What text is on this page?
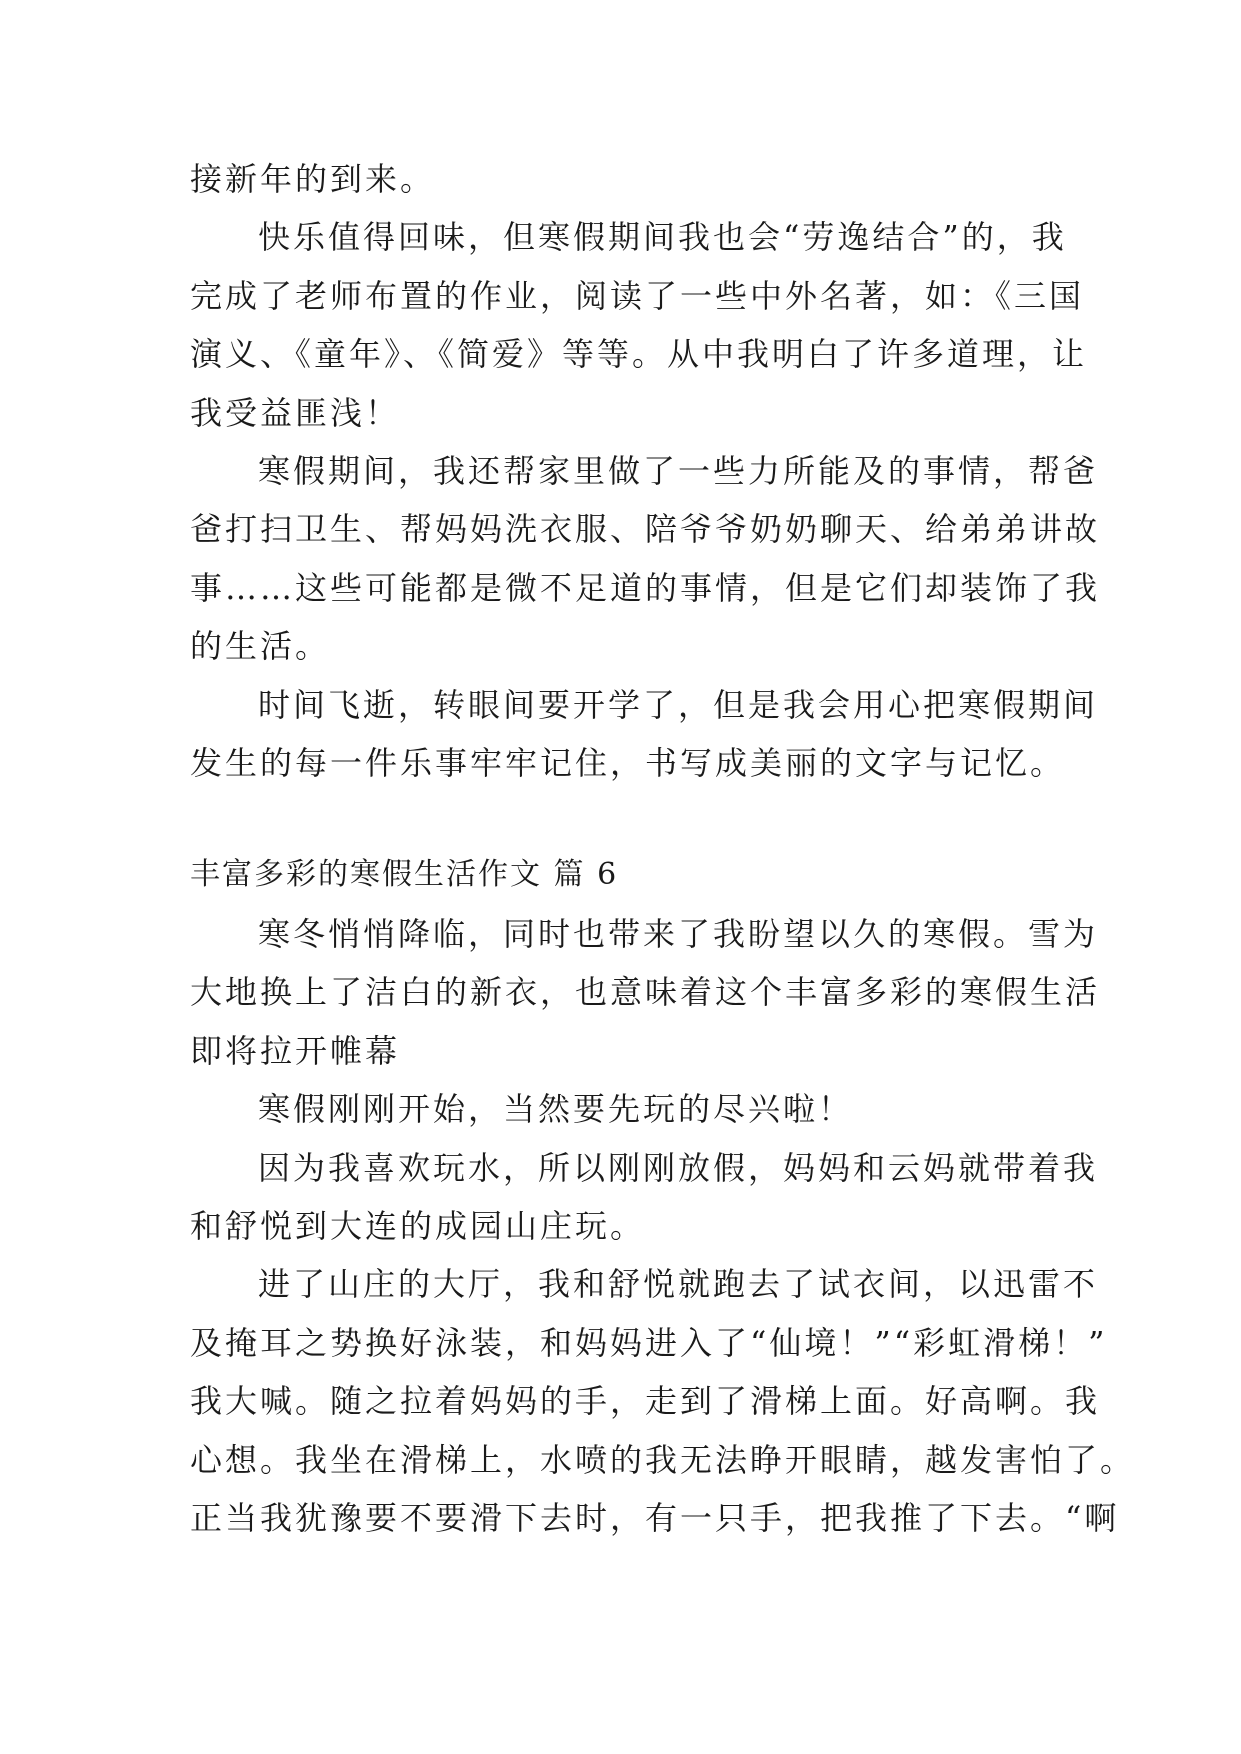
接新年的到来。
快乐值得回味，但寒假期间我也会“劳逸结合”的，我
完成了老师布置的作业，阅读了一些中外名著，如：《三国
演义、《童年》、《简爱》等等。从中我明白了许多道理，让
我受益匪浅！
寒假期间，我还帮家里做了一些力所能及的事情，帮爸
爸打扫卫生、帮妈妈洗衣服、陪爷爷奶奶聊天、给弟弟讲故
事……这些可能都是微不足道的事情，但是它们却装饰了我
的生活。
时间飞逝，转眼间要开学了，但是我会用心把寒假期间
发生的每一件乐事牢牢记住，书写成美丽的文字与记忆。
丰富多彩的寒假生活作文 篇 6
寒冬悄悄降临，同时也带来了我盼望以久的寒假。雪为
大地换上了洁白的新衣，也意味着这个丰富多彩的寒假生活
即将拉开帷幕
寒假刚刚开始，当然要先玩的尽兴啦！
因为我喜欢玩水，所以刚刚放假，妈妈和云妈就带着我
和舒悦到大连的成园山庄玩。
进了山庄的大厅，我和舒悦就跑去了试衣间，以迅雷不
及掩耳之势换好泳装，和妈妈进入了“仙境！”“彩虹滑梯！”
我大喊。随之拉着妈妈的手，走到了滑梯上面。好高啊。我
心想。我坐在滑梯上，水喷的我无法睁开眼睛，越发害怕了。
正当我犹豫要不要滑下去时，有一只手，把我推了下去。“啊
